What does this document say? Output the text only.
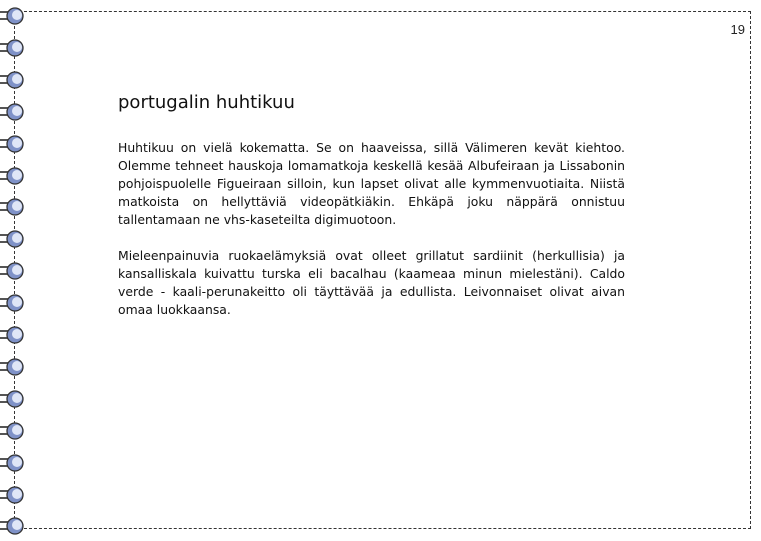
19
portugalin huhtikuu

Huhtikuu on vielä kokematta. Se on haaveissa, sillä Välimeren kevät kiehtoo. Olemme tehneet hauskoja lomamatkoja keskellä kesää Albufeiraan ja Lissabonin pohjoispuolelle Figueiraan silloin, kun lapset olivat alle kymmenvuotiaita. Niistä matkoista on hellyttäviä videopätkiäkin. Ehkäpä joku näppärä onnistuu tallentamaan ne vhs-kaseteilta digimuotoon.

Mieleenpainuvia ruokaelämyksiä ovat olleet grillatut sardiinit (herkullisia) ja kansalliskala kuivattu turska eli bacalhau (kaameaa minun mielestäni). Caldo verde - kaali-perunakeitto oli täyttävää ja edullista. Leivonnaiset olivat aivan omaa luokkaansa.
